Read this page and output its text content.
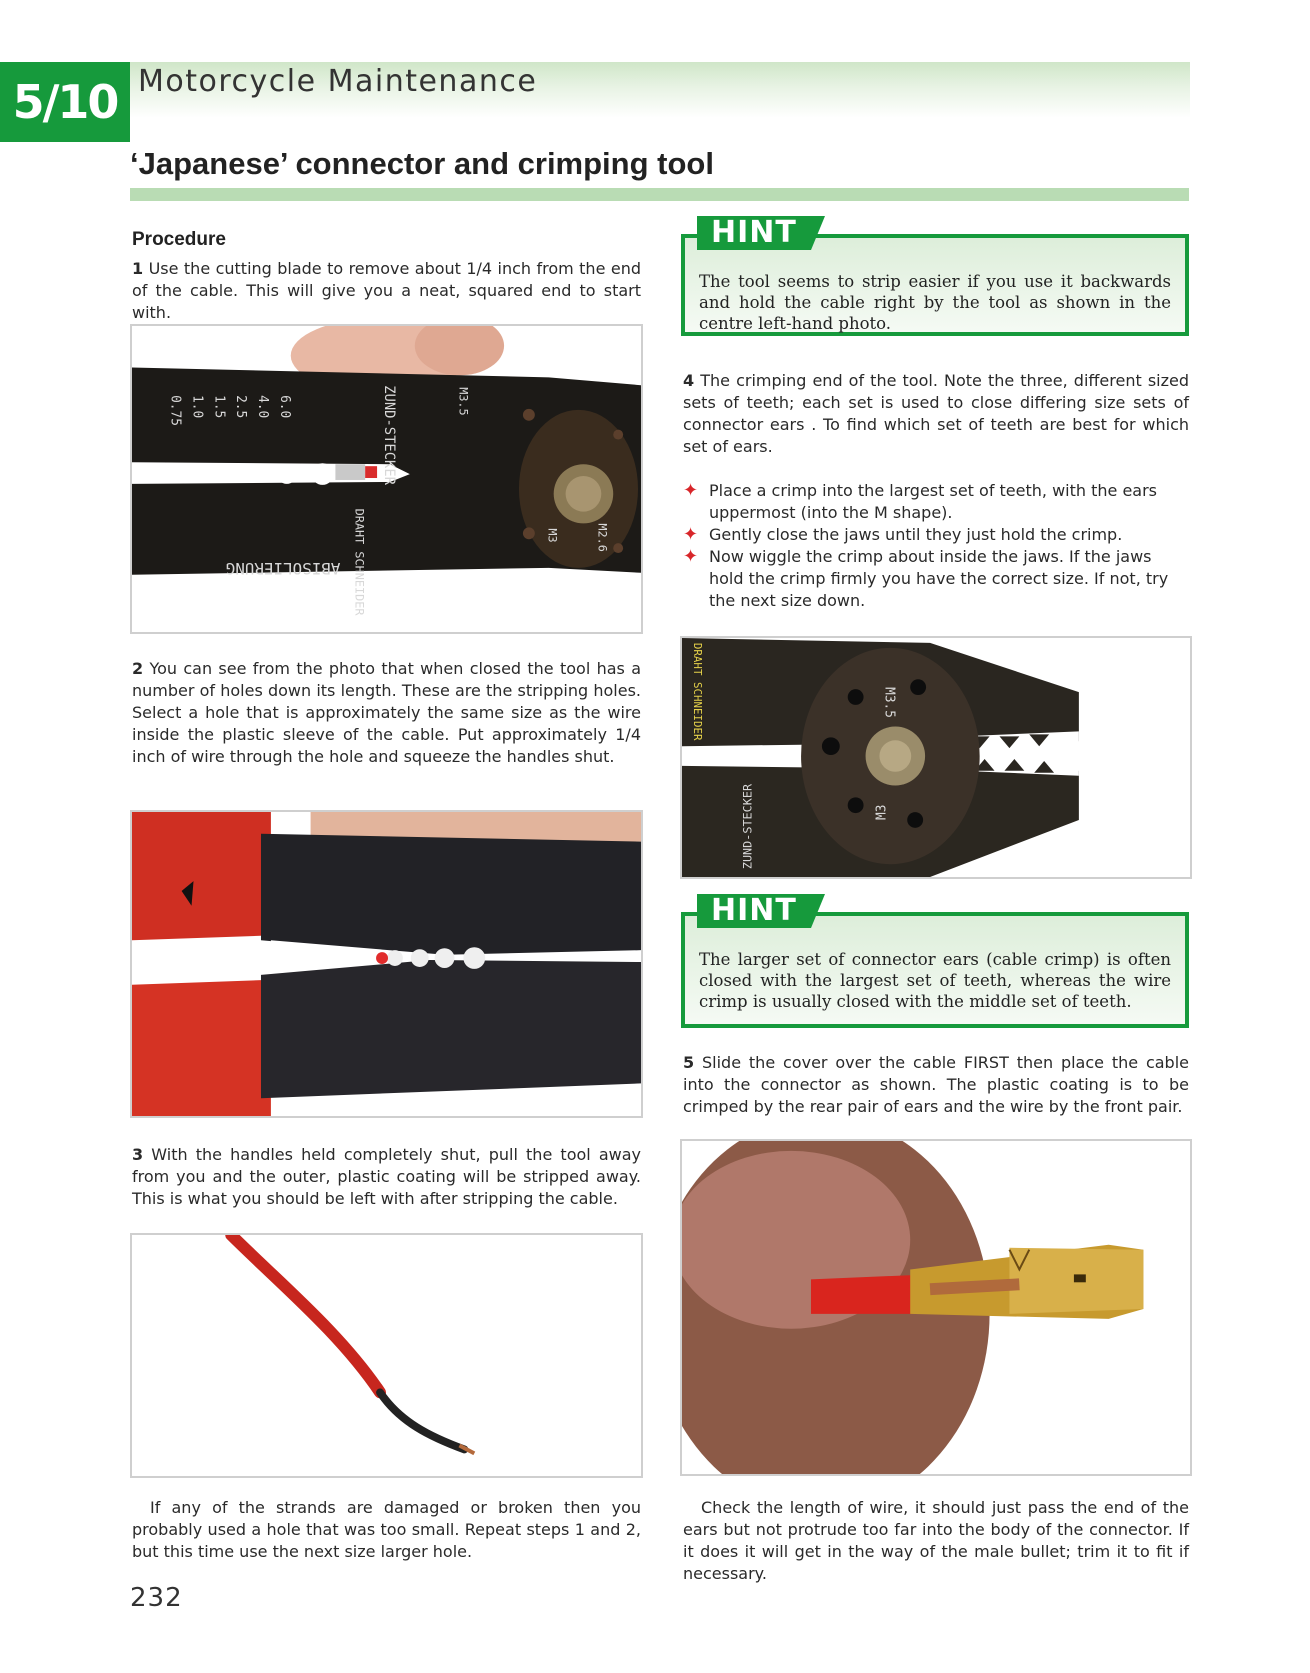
5/10 Motorcycle Maintenance
‘Japanese’ connector and crimping tool
Procedure

1 Use the cutting blade to remove about 1/4 inch from the end of the cable. This will give you a neat, squared end to start with.

0.75 1.0 1.5 2.5 4.0 6.0	ZUND-STECKER	M3.5
ABISOLIERUNG DRAHT SCHNEIDER	M3	M2.6

2 You can see from the photo that when closed the tool has a number of holes down its length. These are the stripping holes. Select a hole that is approximately the same size as the wire inside the plastic sleeve of the cable. Put approximately 1/4 inch of wire through the hole and squeeze the handles shut.

3 With the handles held completely shut, pull the tool away from you and the outer, plastic coating will be stripped away. This is what you should be left with after stripping the cable.

If any of the strands are damaged or broken then you probably used a hole that was too small. Repeat steps 1 and 2, but this time use the next size larger hole.

HINT
The tool seems to strip easier if you use it backwards and hold the cable right by the tool as shown in the centre left-hand photo.

4 The crimping end of the tool. Note the three, different sized sets of teeth; each set is used to close differing size sets of connector ears . To find which set of teeth are best for which set of ears.

✦ Place a crimp into the largest set of teeth, with the ears uppermost (into the M shape).
✦ Gently close the jaws until they just hold the crimp.
✦ Now wiggle the crimp about inside the jaws. If the jaws hold the crimp firmly you have the correct size. If not, try the next size down.
M3.5
M3
ZUND-STECKER
DRAHT SCHNEIDER
HINT
The larger set of connector ears (cable crimp) is often closed with the largest set of teeth, whereas the wire crimp is usually closed with the middle set of teeth.

5 Slide the cover over the cable FIRST then place the cable into the connector as shown. The plastic coating is to be crimped by the rear pair of ears and the wire by the front pair.

Check the length of wire, it should just pass the end of the ears but not protrude too far into the body of the connector. If it does it will get in the way of the male bullet; trim it to fit if necessary.

232
